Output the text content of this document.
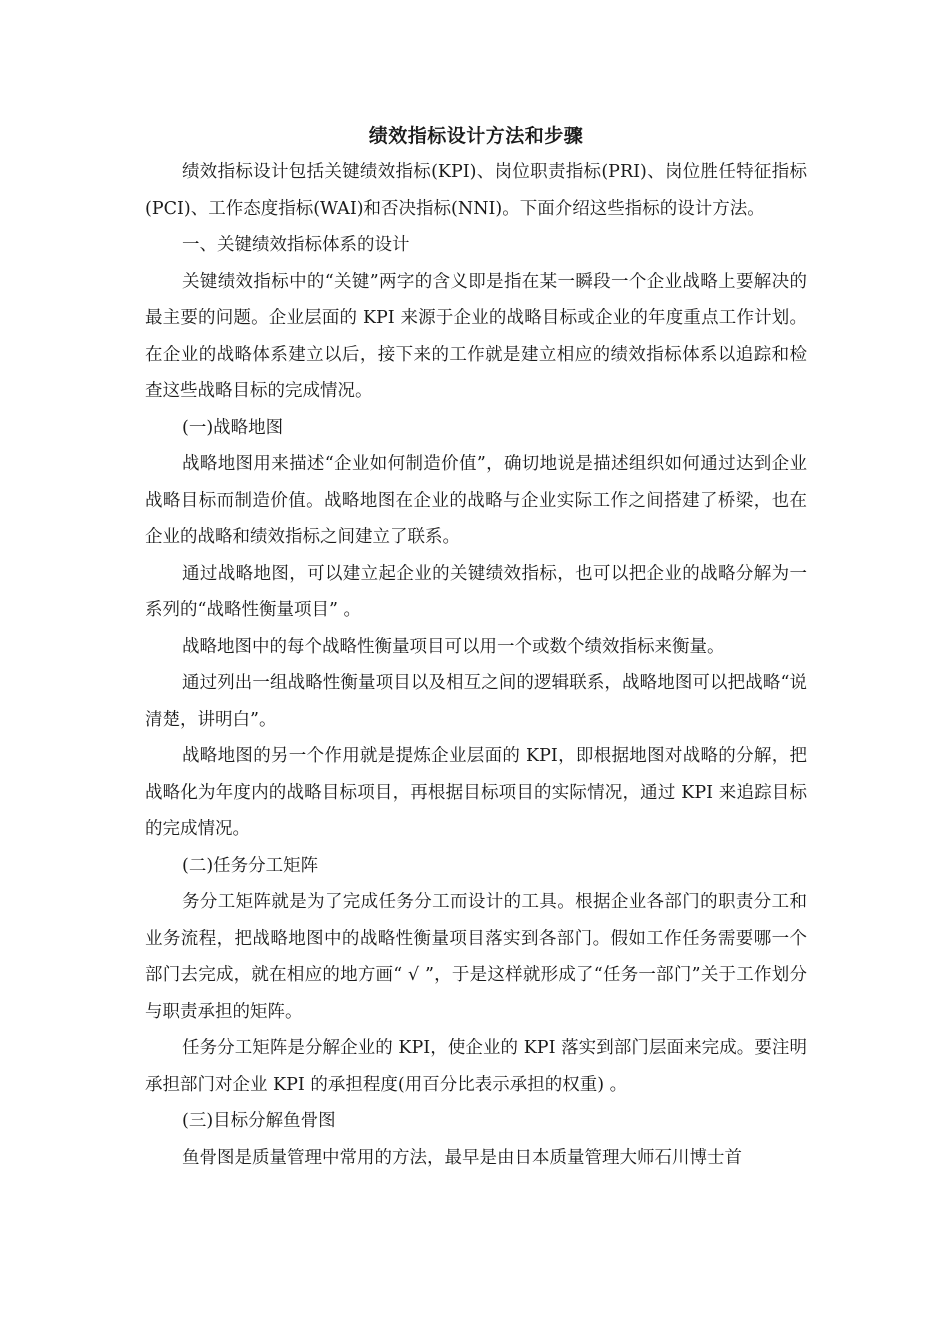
绩效指标设计方法和步骤

绩效指标设计包括关键绩效指标(KPI)、岗位职责指标(PRI)、岗位胜任特征指标(PCI)、工作态度指标(WAI)和否决指标(NNI)。下面介绍这些指标的设计方法。

一、关键绩效指标体系的设计

关键绩效指标中的“关键”两字的含义即是指在某一瞬段一个企业战略上要解决的最主要的问题。企业层面的 KPI 来源于企业的战略目标或企业的年度重点工作计划。在企业的战略体系建立以后，接下来的工作就是建立相应的绩效指标体系以追踪和检查这些战略目标的完成情况。

(一)战略地图

战略地图用来描述“企业如何制造价值”，确切地说是描述组织如何通过达到企业战略目标而制造价值。战略地图在企业的战略与企业实际工作之间搭建了桥梁，也在企业的战略和绩效指标之间建立了联系。

通过战略地图，可以建立起企业的关键绩效指标，也可以把企业的战略分解为一系列的“战略性衡量项目” 。

战略地图中的每个战略性衡量项目可以用一个或数个绩效指标来衡量。

通过列出一组战略性衡量项目以及相互之间的逻辑联系，战略地图可以把战略“说清楚，讲明白”。

战略地图的另一个作用就是提炼企业层面的 KPI，即根据地图对战略的分解，把战略化为年度内的战略目标项目，再根据目标项目的实际情况，通过 KPI 来追踪目标的完成情况。

(二)任务分工矩阵

务分工矩阵就是为了完成任务分工而设计的工具。根据企业各部门的职责分工和业务流程，把战略地图中的战略性衡量项目落实到各部门。假如工作任务需要哪一个部门去完成，就在相应的地方画“ √ ”，于是这样就形成了“任务一部门”关于工作划分与职责承担的矩阵。

任务分工矩阵是分解企业的 KPI，使企业的 KPI 落实到部门层面来完成。要注明承担部门对企业 KPI 的承担程度(用百分比表示承担的权重) 。

(三)目标分解鱼骨图

鱼骨图是质量管理中常用的方法，最早是由日本质量管理大师石川博士首
